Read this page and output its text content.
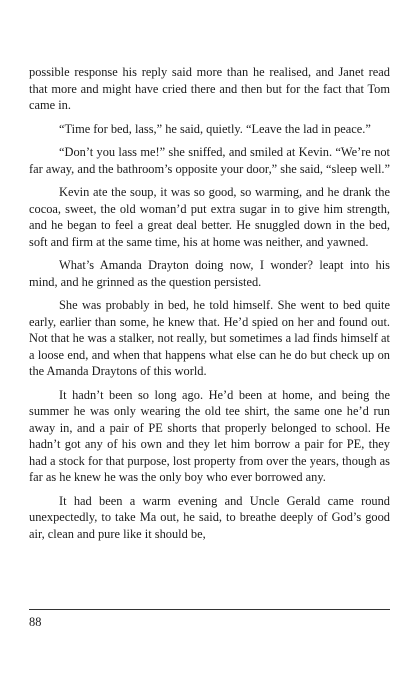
possible response his reply said more than he realised, and Janet read that more and might have cried there and then but for the fact that Tom came in.

“Time for bed, lass,” he said, quietly. “Leave the lad in peace.”

“Don’t you lass me!” she sniffed, and smiled at Kevin. “We’re not far away, and the bathroom’s opposite your door,” she said, “sleep well.”

Kevin ate the soup, it was so good, so warming, and he drank the cocoa, sweet, the old woman’d put extra sugar in to give him strength, and he began to feel a great deal better. He snuggled down in the bed, soft and firm at the same time, his at home was neither, and yawned.

What’s Amanda Drayton doing now, I wonder? leapt into his mind, and he grinned as the question persisted.

She was probably in bed, he told himself. She went to bed quite early, earlier than some, he knew that. He’d spied on her and found out. Not that he was a stalker, not really, but sometimes a lad finds himself at a loose end, and when that happens what else can he do but check up on the Amanda Draytons of this world.

It hadn’t been so long ago. He’d been at home, and being the summer he was only wearing the old tee shirt, the same one he’d run away in, and a pair of PE shorts that properly belonged to school. He hadn’t got any of his own and they let him borrow a pair for PE, they had a stock for that purpose, lost property from over the years, though as far as he knew he was the only boy who ever borrowed any.

It had been a warm evening and Uncle Gerald came round unexpectedly, to take Ma out, he said, to breathe deeply of God’s good air, clean and pure like it should be,

88
